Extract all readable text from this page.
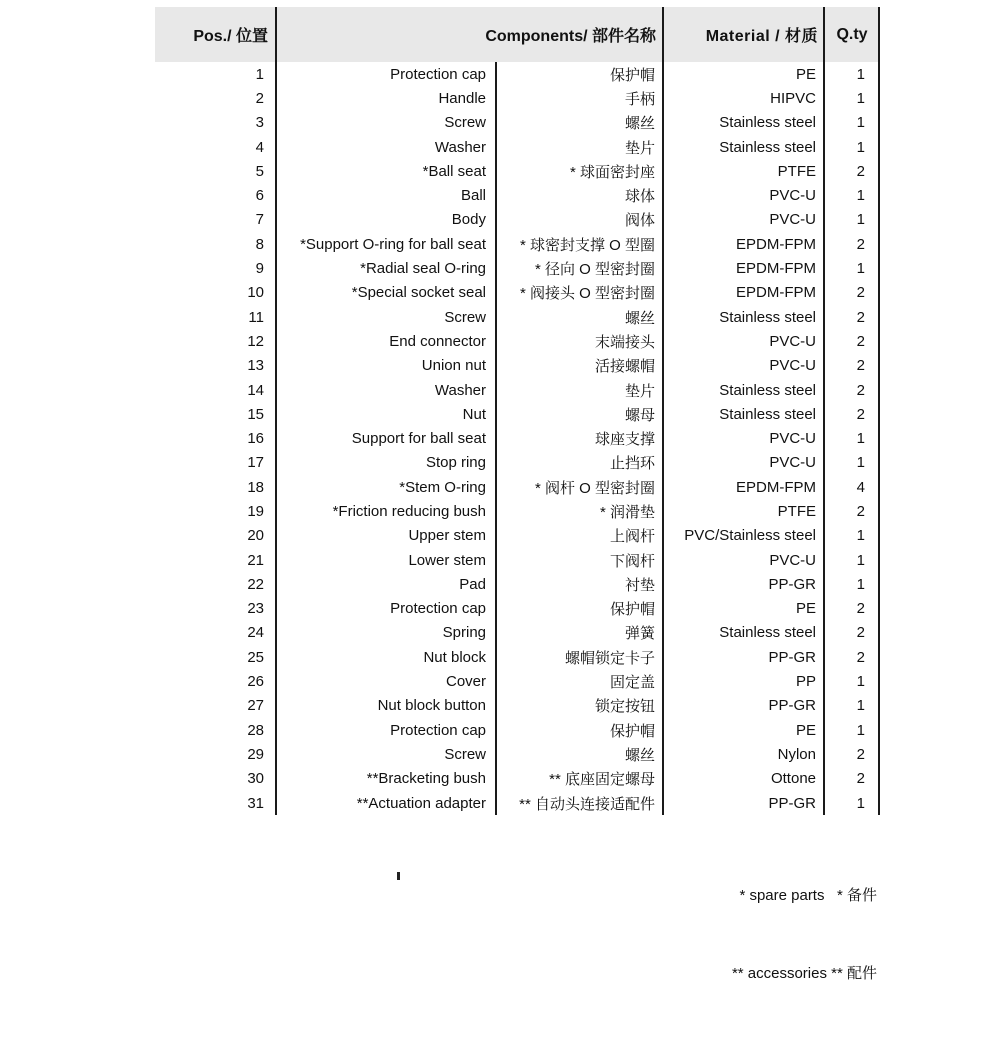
Pos./ 位置	Components/ 部件名称	Material / 材质	Q.ty
1	Protection cap	保护帽	PE	1
2	Handle	手柄	HIPVC	1
3	Screw	螺丝	Stainless steel	1
4	Washer	垫片	Stainless steel	1
5	*Ball seat	* 球面密封座	PTFE	2
6	Ball	球体	PVC-U	1
7	Body	阀体	PVC-U	1
8	*Support O-ring for ball seat	* 球密封支撑 O 型圈	EPDM-FPM	2
9	*Radial seal O-ring	* 径向 O 型密封圈	EPDM-FPM	1
10	*Special socket seal	* 阀接头 O 型密封圈	EPDM-FPM	2
11	Screw	螺丝	Stainless steel	2
12	End connector	末端接头	PVC-U	2
13	Union nut	活接螺帽	PVC-U	2
14	Washer	垫片	Stainless steel	2
15	Nut	螺母	Stainless steel	2
16	Support for ball seat	球座支撑	PVC-U	1
17	Stop ring	止挡环	PVC-U	1
18	*Stem O-ring	* 阀杆 O 型密封圈	EPDM-FPM	4
19	*Friction reducing bush	* 润滑垫	PTFE	2
20	Upper stem	上阀杆	PVC/Stainless steel	1
21	Lower stem	下阀杆	PVC-U	1
22	Pad	衬垫	PP-GR	1
23	Protection cap	保护帽	PE	2
24	Spring	弹簧	Stainless steel	2
25	Nut block	螺帽锁定卡子	PP-GR	2
26	Cover	固定盖	PP	1
27	Nut block button	锁定按钮	PP-GR	1
28	Protection cap	保护帽	PE	1
29	Screw	螺丝	Nylon	2
30	**Bracketing bush	** 底座固定螺母	Ottone	2
31	**Actuation adapter	** 自动头连接适配件	PP-GR	1

* spare parts   * 备件

** accessories ** 配件
